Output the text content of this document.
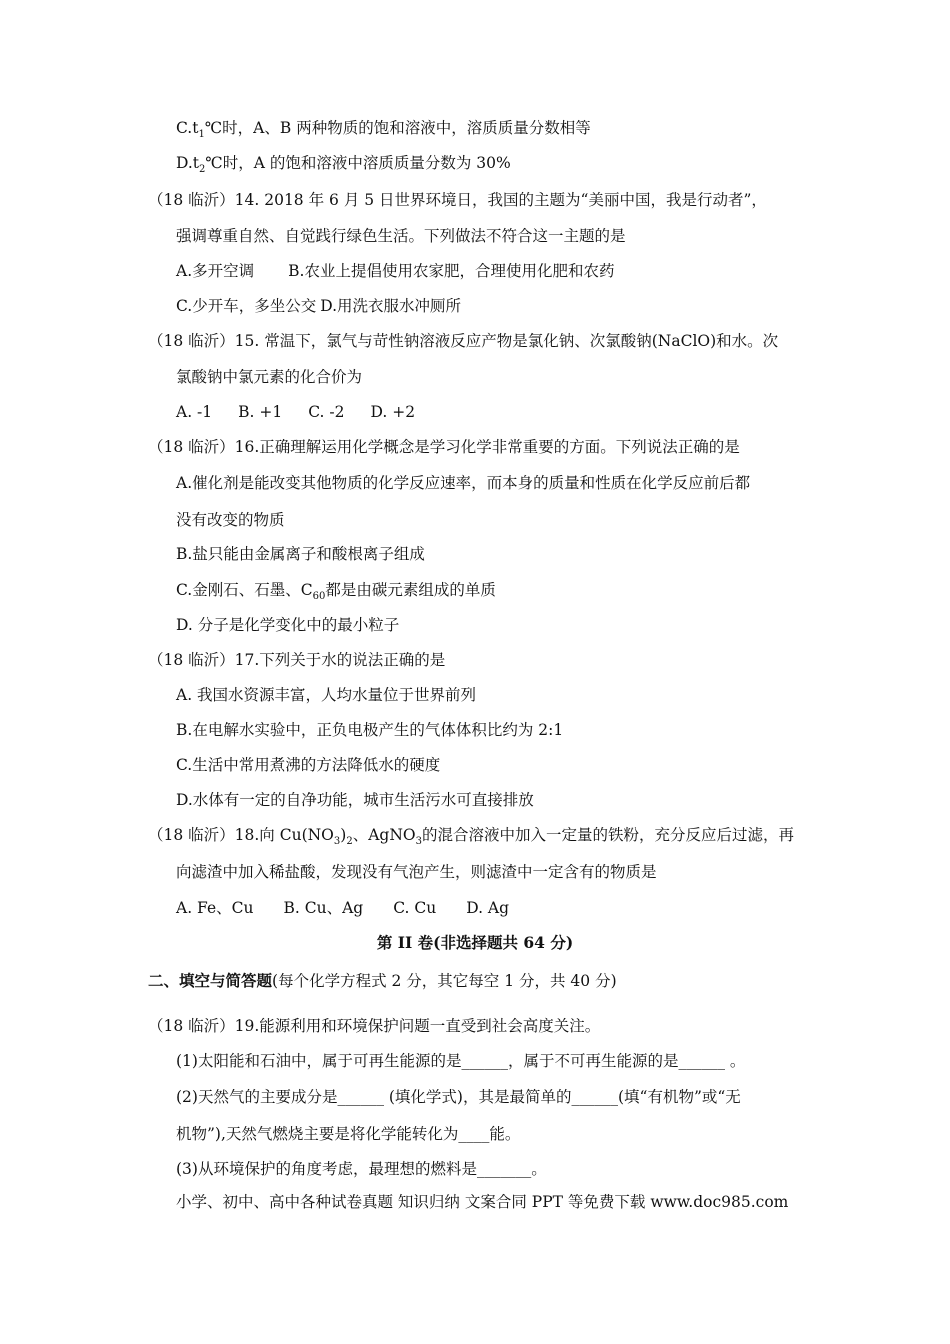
$C.t_1℃$时，A、B 两种物质的饱和溶液中，溶质质量分数相等
$D.t_2℃$时，A 的饱和溶液中溶质质量分数为 30%
（18 临沂）14. 2018 年 6 月 5 日世界环境日，我国的主题为“美丽中国，我是行动者”，
强调尊重自然、自觉践行绿色生活。下列做法不符合这一主题的是
A.多开空调 B.农业上提倡使用农家肥，合理使用化肥和农药
C.少开车，多坐公交 D.用洗衣服水冲厕所
（18 临沂）15. 常温下，氯气与苛性钠溶液反应产物是氯化钠、次氯酸钠(NaClO)和水。次
氯酸钠中氯元素的化合价为
A. -1 B. +1 C. -2 D. +2
（18 临沂）16.正确理解运用化学概念是学习化学非常重要的方面。下列说法正确的是
A.催化剂是能改变其他物质的化学反应速率，而本身的质量和性质在化学反应前后都
没有改变的物质
B.盐只能由金属离子和酸根离子组成
C.金刚石、石墨、$C_{60}$都是由碳元素组成的单质
D. 分子是化学变化中的最小粒子
（18 临沂）17.下列关于水的说法正确的是
A. 我国水资源丰富，人均水量位于世界前列
B.在电解水实验中，正负电极产生的气体体积比约为 2:1
C.生活中常用煮沸的方法降低水的硬度
D.水体有一定的自净功能，城市生活污水可直接排放
（18 临沂）18.向 $Cu(NO_3)_2$、AgNO$_3$的混合溶液中加入一定量的铁粉，充分反应后过滤，再
向滤渣中加入稀盐酸，发现没有气泡产生，则滤渣中一定含有的物质是
A. Fe、Cu B. Cu、Ag C. Cu D. Ag
第 II 卷(非选择题共 64 分)
二、填空与简答题(每个化学方程式 2 分，其它每空 1 分，共 40 分)
（18 临沂）19.能源利用和环境保护问题一直受到社会高度关注。
(1)太阳能和石油中，属于可再生能源的是______，属于不可再生能源的是______ 。
(2)天然气的主要成分是______ (填化学式)，其是最简单的______(填“有机物”或“无
机物”),天然气燃烧主要是将化学能转化为____能。
(3)从环境保护的角度考虑，最理想的燃料是_______。
小学、初中、高中各种试卷真题 知识归纳 文案合同 PPT 等免费下载 www.doc985.com
